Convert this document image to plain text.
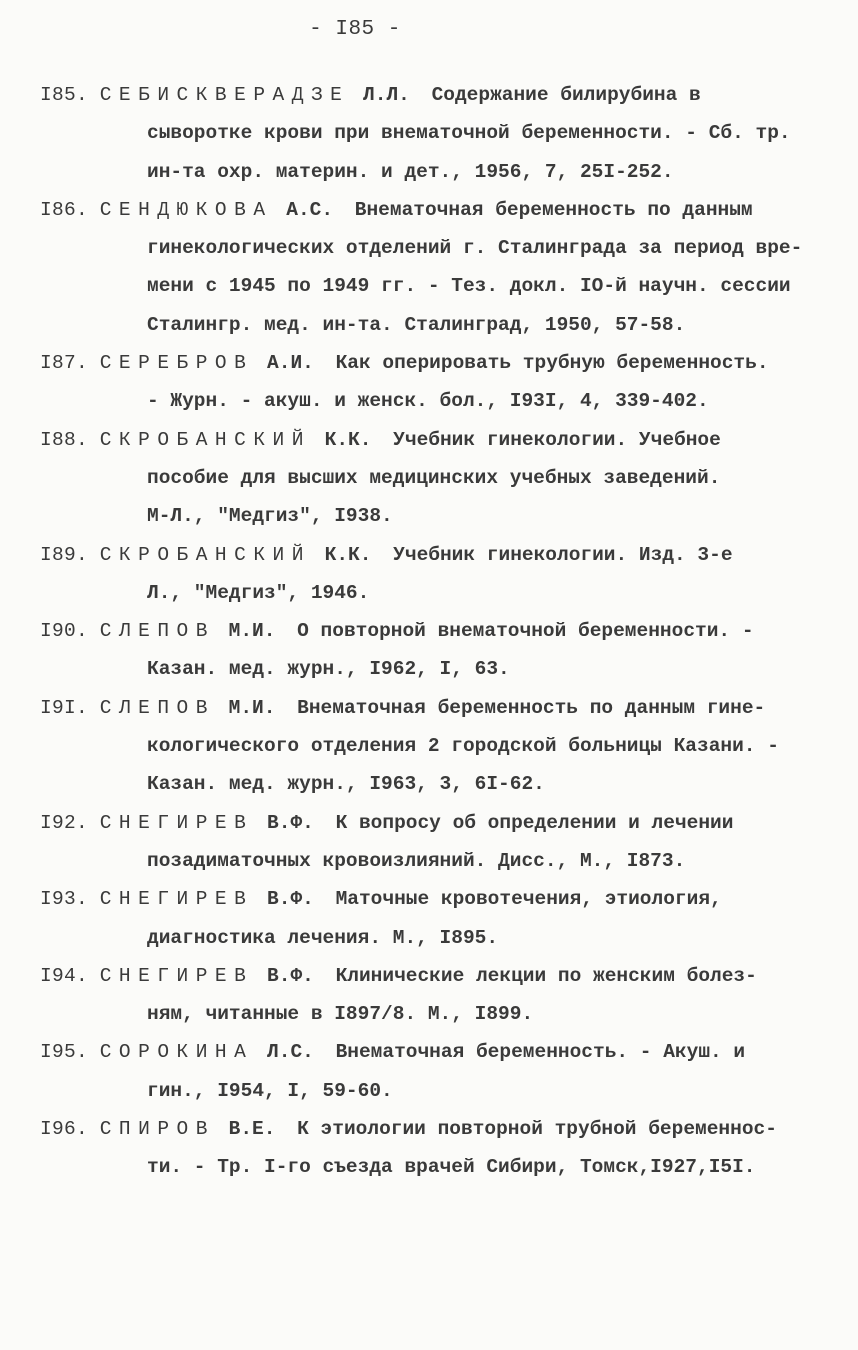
- I85 -
I85. СЕБИСКВЕРАДЗЕ Л.Л. Содержание билирубина в
сыворотке крови при внематочной беременности. - Сб. тр.
ин-та охр. материн. и дет., 1956, 7, 25I-252.
I86. СЕНДЮКОВА А.С. Внематочная беременность по данным
гинекологических отделений г. Сталинграда за период вре-
мени с 1945 по 1949 гг. - Тез. докл. IO-й научн. сессии
Сталингр. мед. ин-та. Сталинград, 1950, 57-58.
I87. СЕРЕБРОВ А.И. Как оперировать трубную беременность.
- Журн. - акуш. и женск. бол., I93I, 4, 339-402.
I88. СКРОБАНСКИЙ К.К. Учебник гинекологии. Учебное
пособие для высших медицинских учебных заведений.
М-Л., "Медгиз", I938.
I89. СКРОБАНСКИЙ К.К. Учебник гинекологии. Изд. 3-е
Л., "Медгиз", 1946.
I90. СЛЕПОВ М.И. О повторной внематочной беременности. -
Казан. мед. журн., I962, I, 63.
I9I. СЛЕПОВ М.И. Внематочная беременность по данным гине-
кологического отделения 2 городской больницы Казани. -
Казан. мед. журн., I963, 3, 6I-62.
I92. СНЕГИРЕВ В.Ф. К вопросу об определении и лечении
позадиматочных кровоизлияний. Дисс., М., I873.
I93. СНЕГИРЕВ В.Ф. Маточные кровотечения, этиология,
диагностика лечения. М., I895.
I94. СНЕГИРЕВ В.Ф. Клинические лекции по женским болез-
ням, читанные в I897/8. М., I899.
I95. СОРОКИНА Л.С. Внематочная беременность. - Акуш. и
гин., I954, I, 59-60.
I96. СПИРОВ В.Е. К этиологии повторной трубной беременнос-
ти. - Тр. I-го съезда врачей Сибири, Томск,I927,I5I.
